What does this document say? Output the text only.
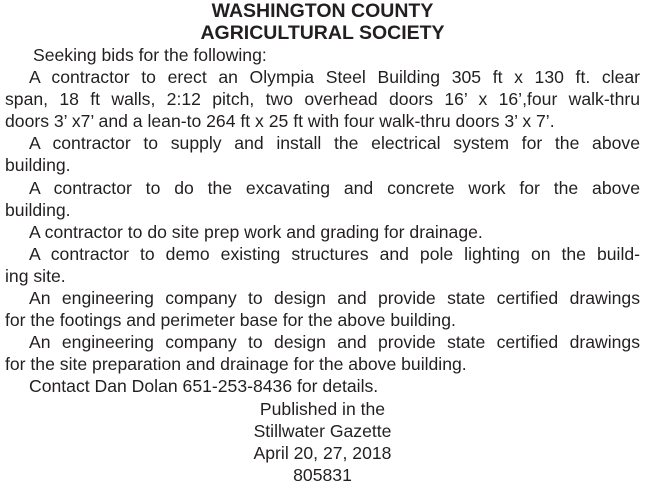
WASHINGTON COUNTY
AGRICULTURAL SOCIETY
Seeking bids for the following:
A contractor to erect an Olympia Steel Building 305 ft x 130 ft. clear
span, 18 ft walls, 2:12 pitch, two overhead doors 16’ x 16’,four walk-thru
doors 3’ x7’ and a lean-to 264 ft x 25 ft with four walk-thru doors 3’ x 7’.
A contractor to supply and install the electrical system for the above
building.
A contractor to do the excavating and concrete work for the above
building.
A contractor to do site prep work and grading for drainage.
A contractor to demo existing structures and pole lighting on the build-
ing site.
An engineering company to design and provide state certified drawings
for the footings and perimeter base for the above building.
An engineering company to design and provide state certified drawings
for the site preparation and drainage for the above building.
Contact Dan Dolan 651-253-8436 for details.
Published in the
Stillwater Gazette
April 20, 27, 2018
805831
